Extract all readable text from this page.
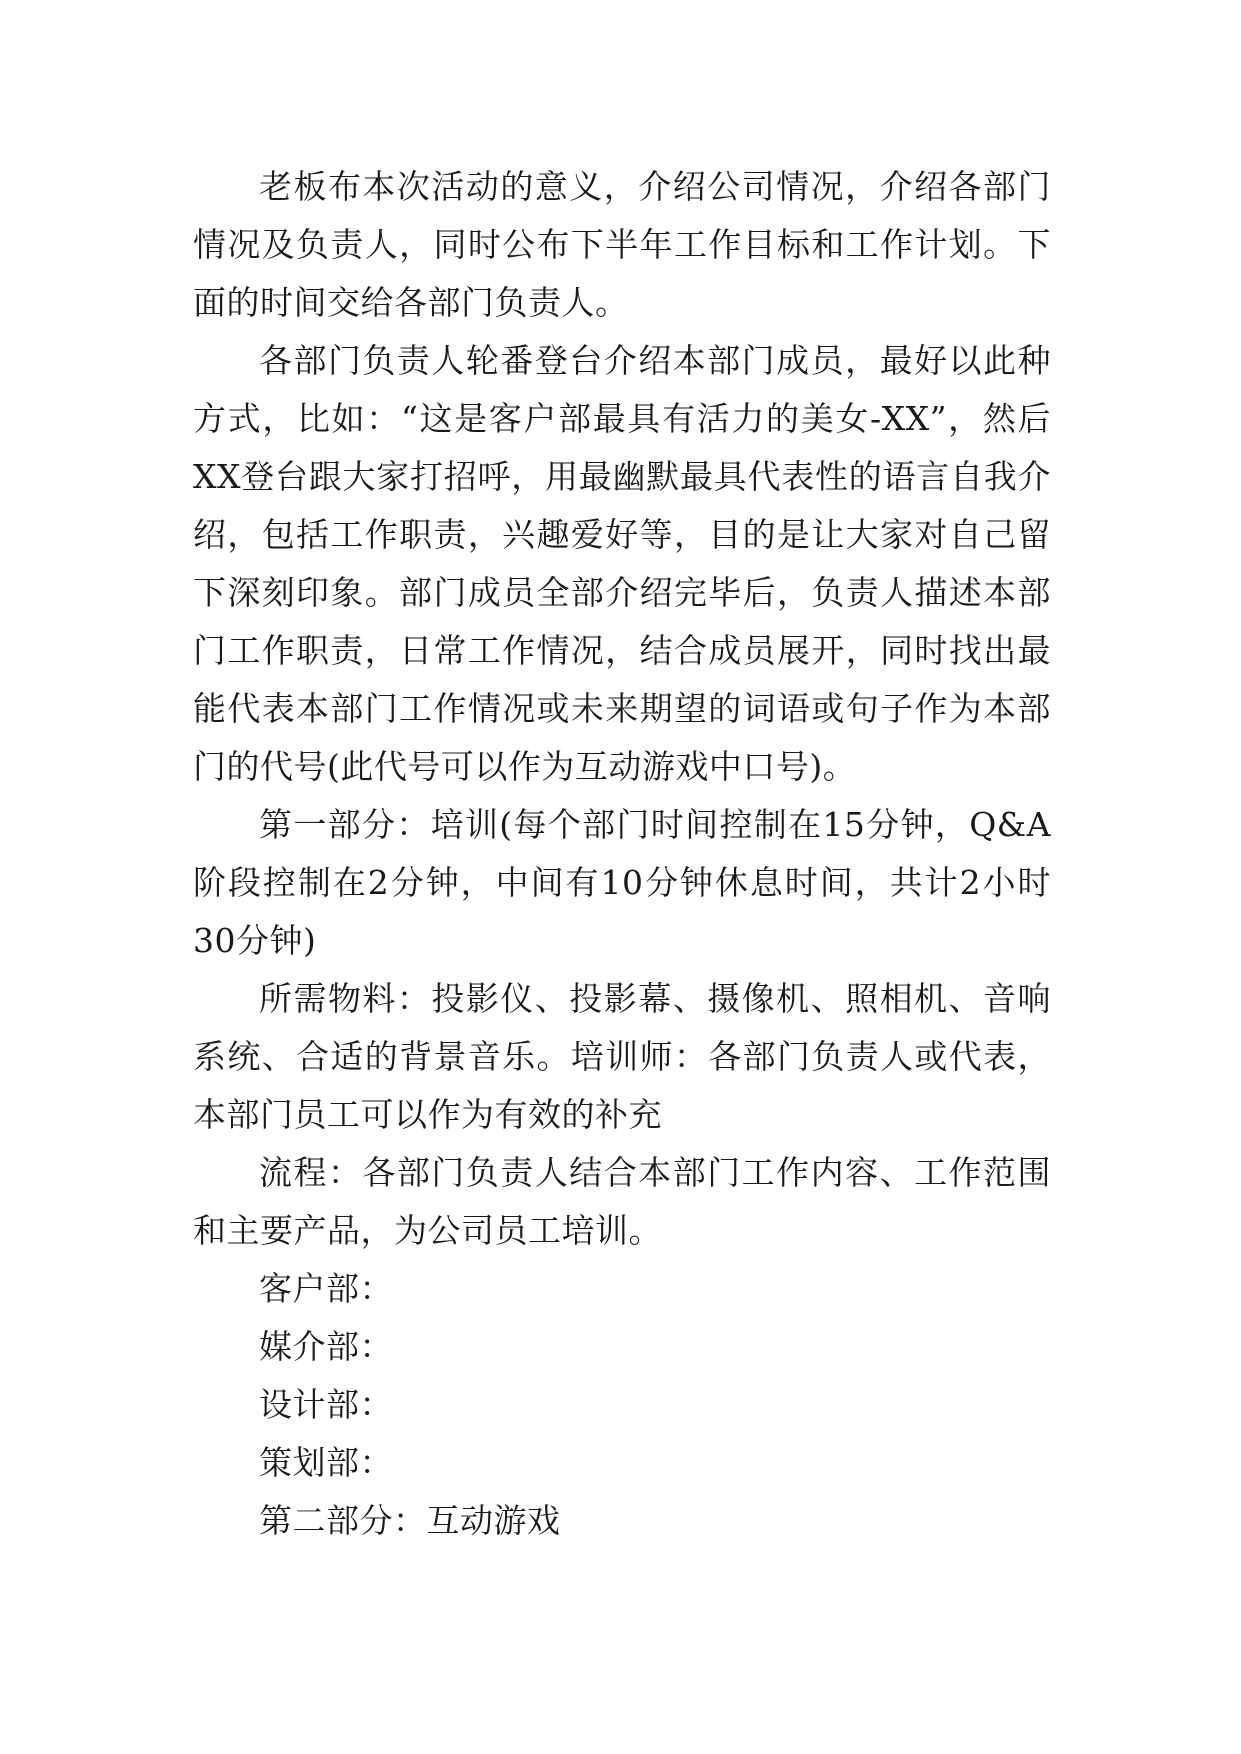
老板布本次活动的意义，介绍公司情况，介绍各部门情况及负责人，同时公布下半年工作目标和工作计划。下面的时间交给各部门负责人。

各部门负责人轮番登台介绍本部门成员，最好以此种方式，比如：“这是客户部最具有活力的美女-XX”，然后XX登台跟大家打招呼，用最幽默最具代表性的语言自我介绍，包括工作职责，兴趣爱好等，目的是让大家对自己留下深刻印象。部门成员全部介绍完毕后，负责人描述本部门工作职责，日常工作情况，结合成员展开，同时找出最能代表本部门工作情况或未来期望的词语或句子作为本部门的代号(此代号可以作为互动游戏中口号)。

第一部分：培训(每个部门时间控制在15分钟，Q&A阶段控制在2分钟，中间有10分钟休息时间，共计2小时30分钟)

所需物料：投影仪、投影幕、摄像机、照相机、音响系统、合适的背景音乐。培训师：各部门负责人或代表，本部门员工可以作为有效的补充

流程：各部门负责人结合本部门工作内容、工作范围和主要产品，为公司员工培训。

客户部：

媒介部：

设计部：

策划部：

第二部分：互动游戏
